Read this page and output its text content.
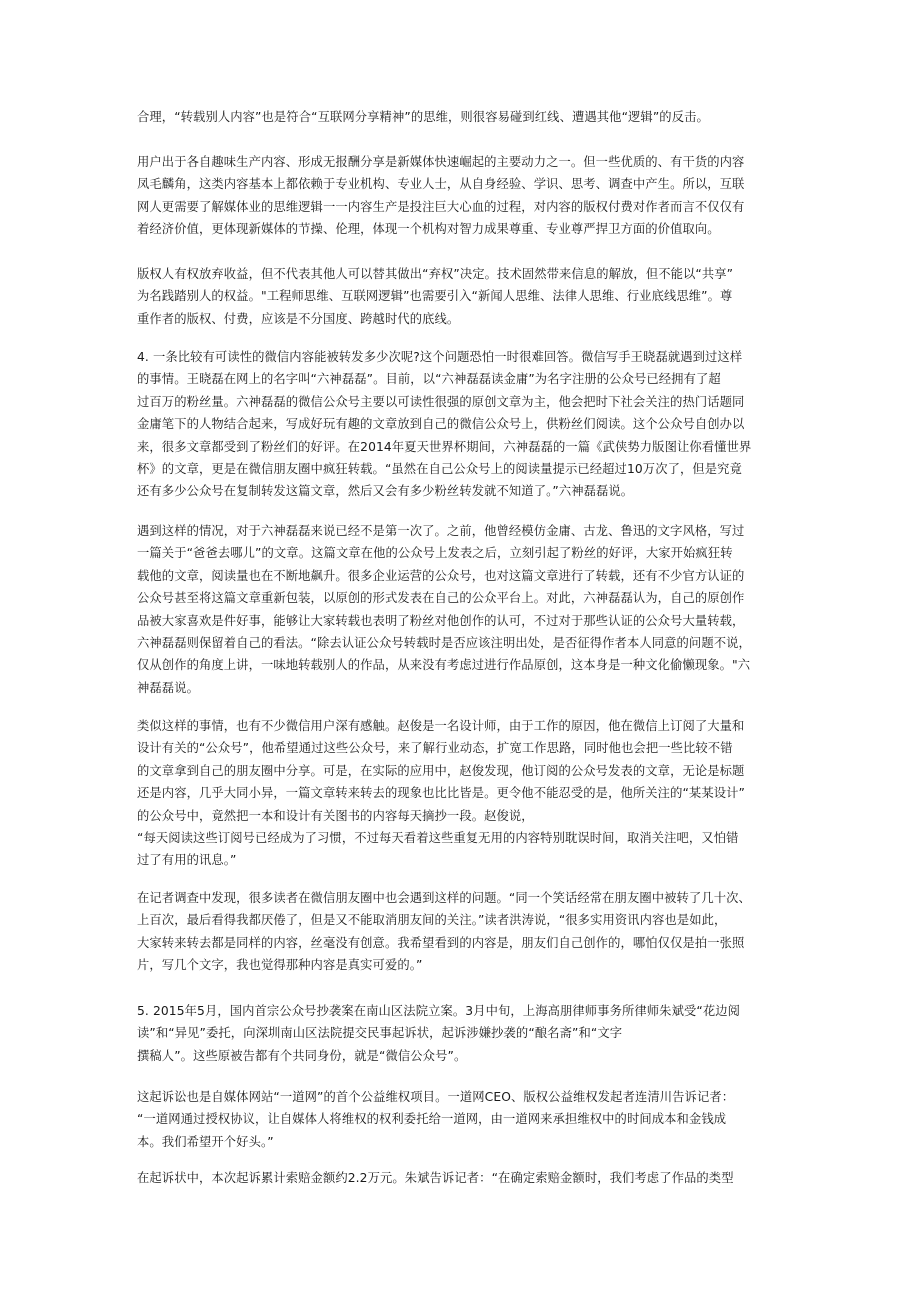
合理，“转载别人内容”也是符合“互联网分享精神”的思维，则很容易碰到红线、遭遇其他“逻辑”的反击。

用户出于各自趣味生产内容、形成无报酬分享是新媒体快速崛起的主要动力之一。但一些优质的、有干货的内容
凤毛麟角，这类内容基本上都依赖于专业机构、专业人士，从自身经验、学识、思考、调查中产生。所以，互联
网人更需要了解媒体业的思维逻辑一一内容生产是投注巨大心血的过程，对内容的版权付费对作者而言不仅仅有
着经济价值，更体现新媒体的节操、伦理，体现一个机构对智力成果尊重、专业尊严捍卫方面的价值取向。

版权人有权放弃收益，但不代表其他人可以替其做出“弃权”决定。技术固然带来信息的解放，但不能以“共享”
为名践踏别人的权益。"工程师思维、互联网逻辑”也需要引入“新闻人思维、法律人思维、行业底线思维”。尊
重作者的版权、付费，应该是不分国度、跨越时代的底线。

4. 一条比较有可读性的微信内容能被转发多少次呢?这个问题恐怕一时很难回答。微信写手王晓磊就遇到过这样
的事情。王晓磊在网上的名字叫“六神磊磊”。目前，以“六神磊磊读金庸”为名字注册的公众号已经拥有了超
过百万的粉丝量。六神磊磊的微信公众号主要以可读性很强的原创文章为主，他会把时下社会关注的热门话题同
金庸笔下的人物结合起来，写成好玩有趣的文章放到自己的微信公众号上，供粉丝们阅读。这个公众号自创办以
来，很多文章都受到了粉丝们的好评。在2014年夏天世界杯期间，六神磊磊的一篇《武侠势力版图让你看懂世界
杯》的文章，更是在微信朋友圈中疯狂转载。“虽然在自己公众号上的阅读量提示已经超过10万次了，但是究竟
还有多少公众号在复制转发这篇文章，然后又会有多少粉丝转发就不知道了。”六神磊磊说。

遇到这样的情况，对于六神磊磊来说已经不是第一次了。之前，他曾经模仿金庸、古龙、鲁迅的文字风格，写过
一篇关于“爸爸去哪儿”的文章。这篇文章在他的公众号上发表之后，立刻引起了粉丝的好评，大家开始疯狂转
载他的文章，阅读量也在不断地飙升。很多企业运营的公众号，也对这篇文章进行了转载，还有不少官方认证的
公众号甚至将这篇文章重新包装，以原创的形式发表在自己的公众平台上。对此，六神磊磊认为，自己的原创作
品被大家喜欢是件好事，能够让大家转载也表明了粉丝对他创作的认可，不过对于那些认证的公众号大量转载，
六神磊磊则保留着自己的看法。“除去认证公众号转载时是否应该注明出处，是否征得作者本人同意的问题不说，
仅从创作的角度上讲，一味地转载别人的作品，从来没有考虑过进行作品原创，这本身是一种文化偷懒现象。"六
神磊磊说。

类似这样的事情，也有不少微信用户深有感触。赵俊是一名设计师，由于工作的原因，他在微信上订阅了大量和
设计有关的“公众号”，他希望通过这些公众号，来了解行业动态，扩宽工作思路，同时他也会把一些比较不错
的文章拿到自己的朋友圈中分享。可是，在实际的应用中，赵俊发现，他订阅的公众号发表的文章，无论是标题
还是内容，几乎大同小异，一篇文章转来转去的现象也比比皆是。更令他不能忍受的是，他所关注的“某某设计”
的公众号中，竟然把一本和设计有关图书的内容每天摘抄一段。赵俊说，
“每天阅读这些订阅号已经成为了习惯，不过每天看着这些重复无用的内容特别耽误时间，取消关注吧，又怕错
过了有用的讯息。”

在记者调查中发现，很多读者在微信朋友圈中也会遇到这样的问题。“同一个笑话经常在朋友圈中被转了几十次、
上百次，最后看得我都厌倦了，但是又不能取消朋友间的关注。”读者洪涛说，“很多实用资讯内容也是如此，
大家转来转去都是同样的内容，丝毫没有创意。我希望看到的内容是，朋友们自己创作的，哪怕仅仅是拍一张照
片，写几个文字，我也觉得那种内容是真实可爱的。”

5. 2015年5月，国内首宗公众号抄袭案在南山区法院立案。3月中旬，上海高朋律师事务所律师朱斌受“花边阅
读”和“异见”委托，向深圳南山区法院提交民事起诉状，起诉涉嫌抄袭的“酿名斋”和“文字
撰稿人”。这些原被告都有个共同身份，就是“微信公众号”。

这起诉讼也是自媒体网站“一道网”的首个公益维权项目。一道网CEO、版权公益维权发起者连清川告诉记者：
“一道网通过授权协议，让自媒体人将维权的权利委托给一道网，由一道网来承担维权中的时间成本和金钱成
本。我们希望开个好头。”

在起诉状中，本次起诉累计索赔金额约2.2万元。朱斌告诉记者：“在确定索赔金额时，我们考虑了作品的类型
